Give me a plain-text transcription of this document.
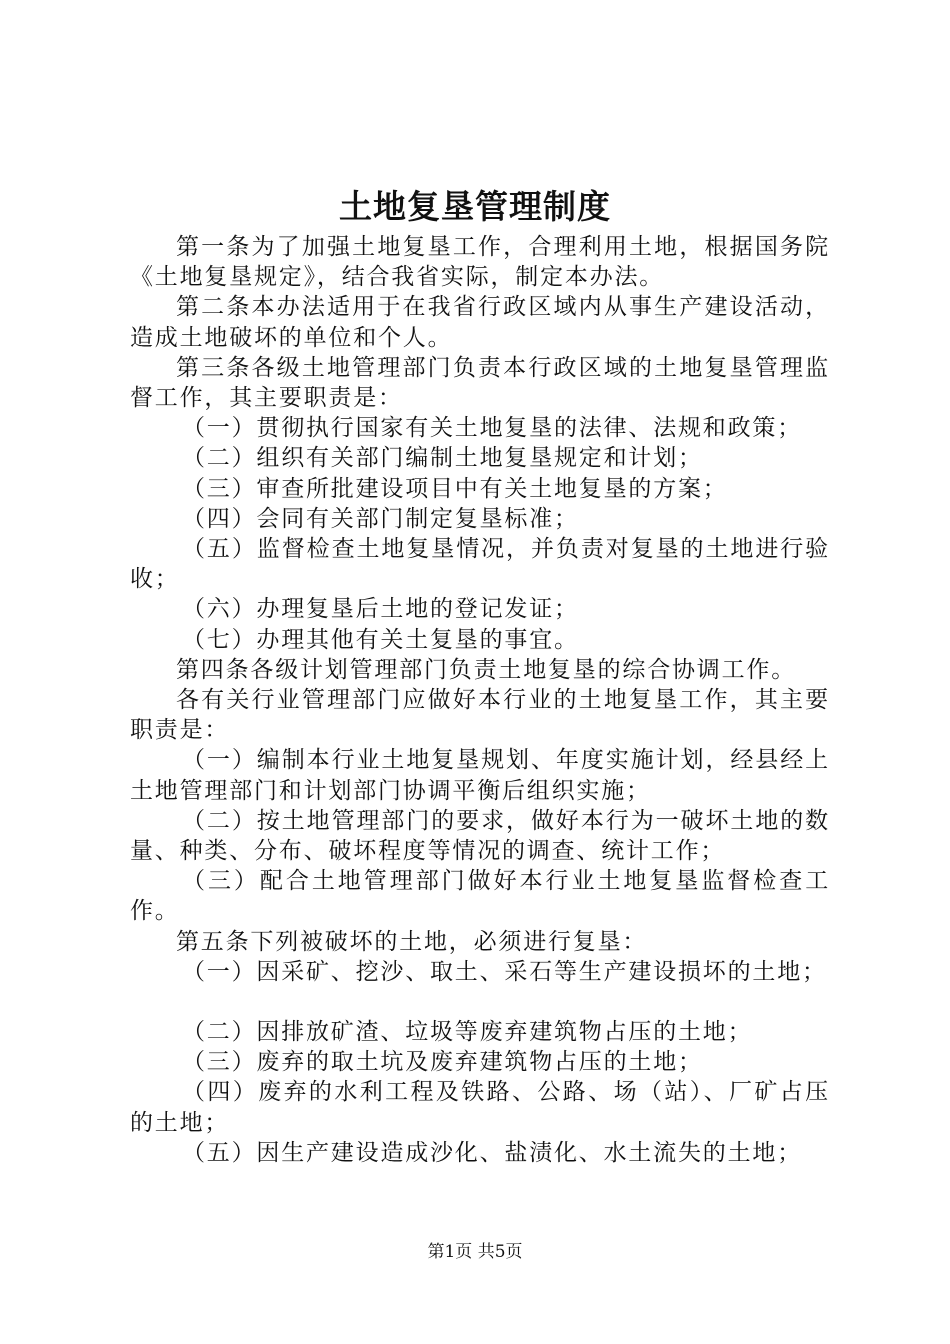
土地复垦管理制度

第一条为了加强土地复垦工作，合理利用土地，根据国务院《土地复垦规定》，结合我省实际，制定本办法。

第二条本办法适用于在我省行政区域内从事生产建设活动，造成土地破坏的单位和个人。

第三条各级土地管理部门负责本行政区域的土地复垦管理监督工作，其主要职责是：

（一）贯彻执行国家有关土地复垦的法律、法规和政策；

（二）组织有关部门编制土地复垦规定和计划；

（三）审查所批建设项目中有关土地复垦的方案；

（四）会同有关部门制定复垦标准；

（五）监督检查土地复垦情况，并负责对复垦的土地进行验收；

（六）办理复垦后土地的登记发证；

（七）办理其他有关土复垦的事宜。

第四条各级计划管理部门负责土地复垦的综合协调工作。

各有关行业管理部门应做好本行业的土地复垦工作，其主要职责是：

（一）编制本行业土地复垦规划、年度实施计划，经县经上土地管理部门和计划部门协调平衡后组织实施；

（二）按土地管理部门的要求，做好本行为一破坏土地的数量、种类、分布、破坏程度等情况的调查、统计工作；

（三）配合土地管理部门做好本行业土地复垦监督检查工作。

第五条下列被破坏的土地，必须进行复垦：

（一）因采矿、挖沙、取土、采石等生产建设损坏的土地；

（二）因排放矿渣、垃圾等废弃建筑物占压的土地；

（三）废弃的取土坑及废弃建筑物占压的土地；

（四）废弃的水利工程及铁路、公路、场（站）、厂矿占压的土地；

（五）因生产建设造成沙化、盐渍化、水土流失的土地；

第1页 共5页
